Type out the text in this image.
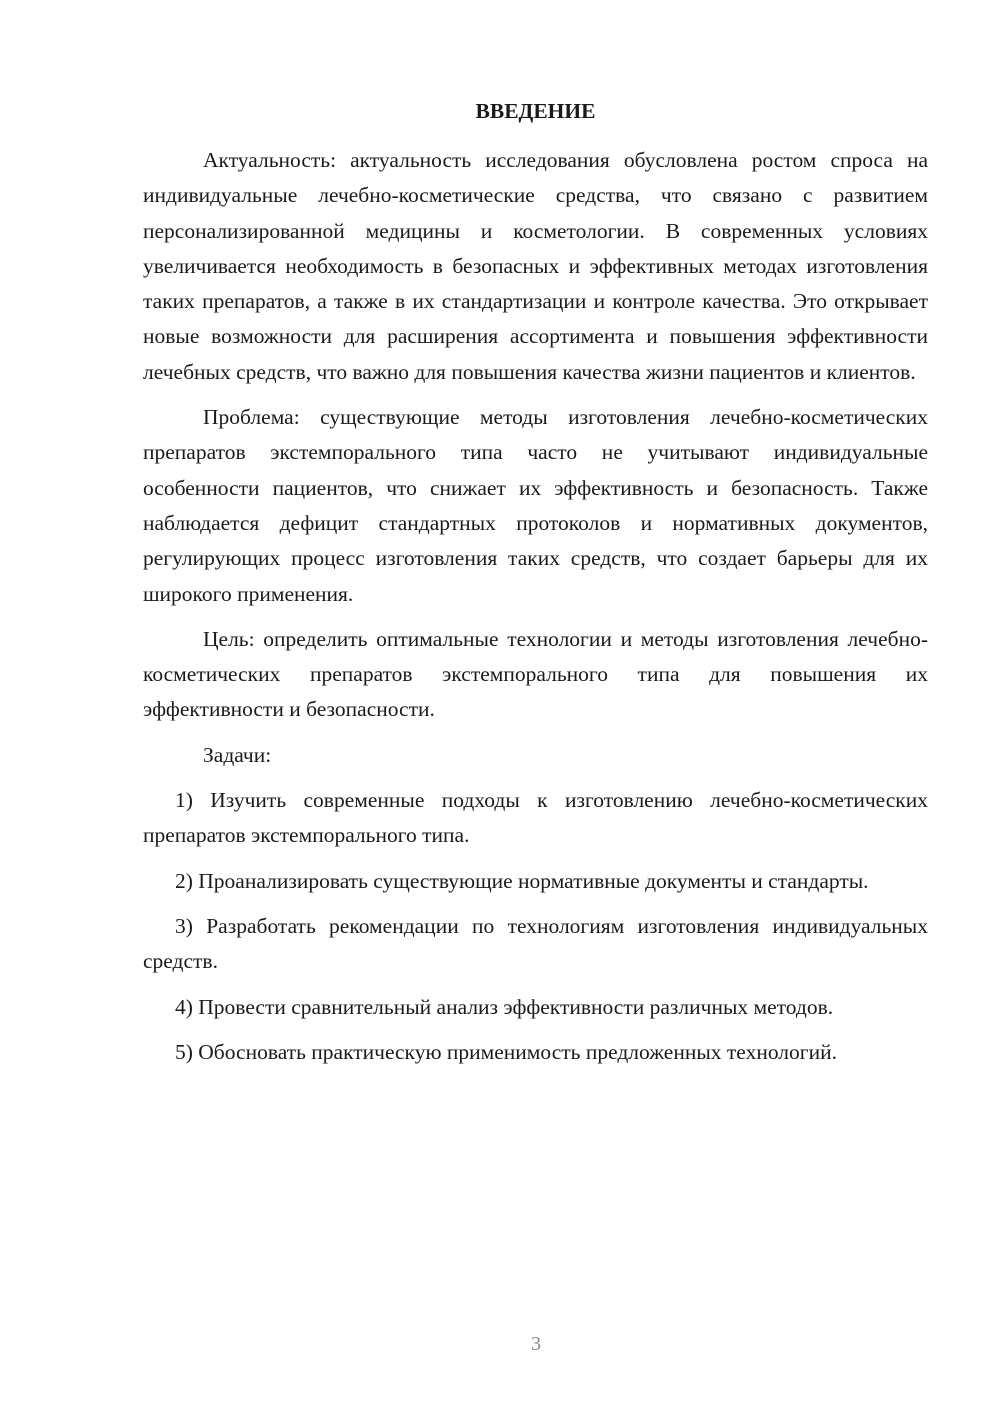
ВВЕДЕНИЕ

Актуальность: актуальность исследования обусловлена ростом спроса на индивидуальные лечебно-косметические средства, что связано с развитием персонализированной медицины и косметологии. В современных условиях увеличивается необходимость в безопасных и эффективных методах изготовления таких препаратов, а также в их стандартизации и контроле качества. Это открывает новые возможности для расширения ассортимента и повышения эффективности лечебных средств, что важно для повышения качества жизни пациентов и клиентов.

Проблема: существующие методы изготовления лечебно-косметических препаратов экстемпорального типа часто не учитывают индивидуальные особенности пациентов, что снижает их эффективность и безопасность. Также наблюдается дефицит стандартных протоколов и нормативных документов, регулирующих процесс изготовления таких средств, что создает барьеры для их широкого применения.

Цель: определить оптимальные технологии и методы изготовления лечебно-косметических препаратов экстемпорального типа для повышения их эффективности и безопасности.

Задачи:

1) Изучить современные подходы к изготовлению лечебно-косметических препаратов экстемпорального типа.

2) Проанализировать существующие нормативные документы и стандарты.

3) Разработать рекомендации по технологиям изготовления индивидуальных средств.

4) Провести сравнительный анализ эффективности различных методов.

5) Обосновать практическую применимость предложенных технологий.

3
